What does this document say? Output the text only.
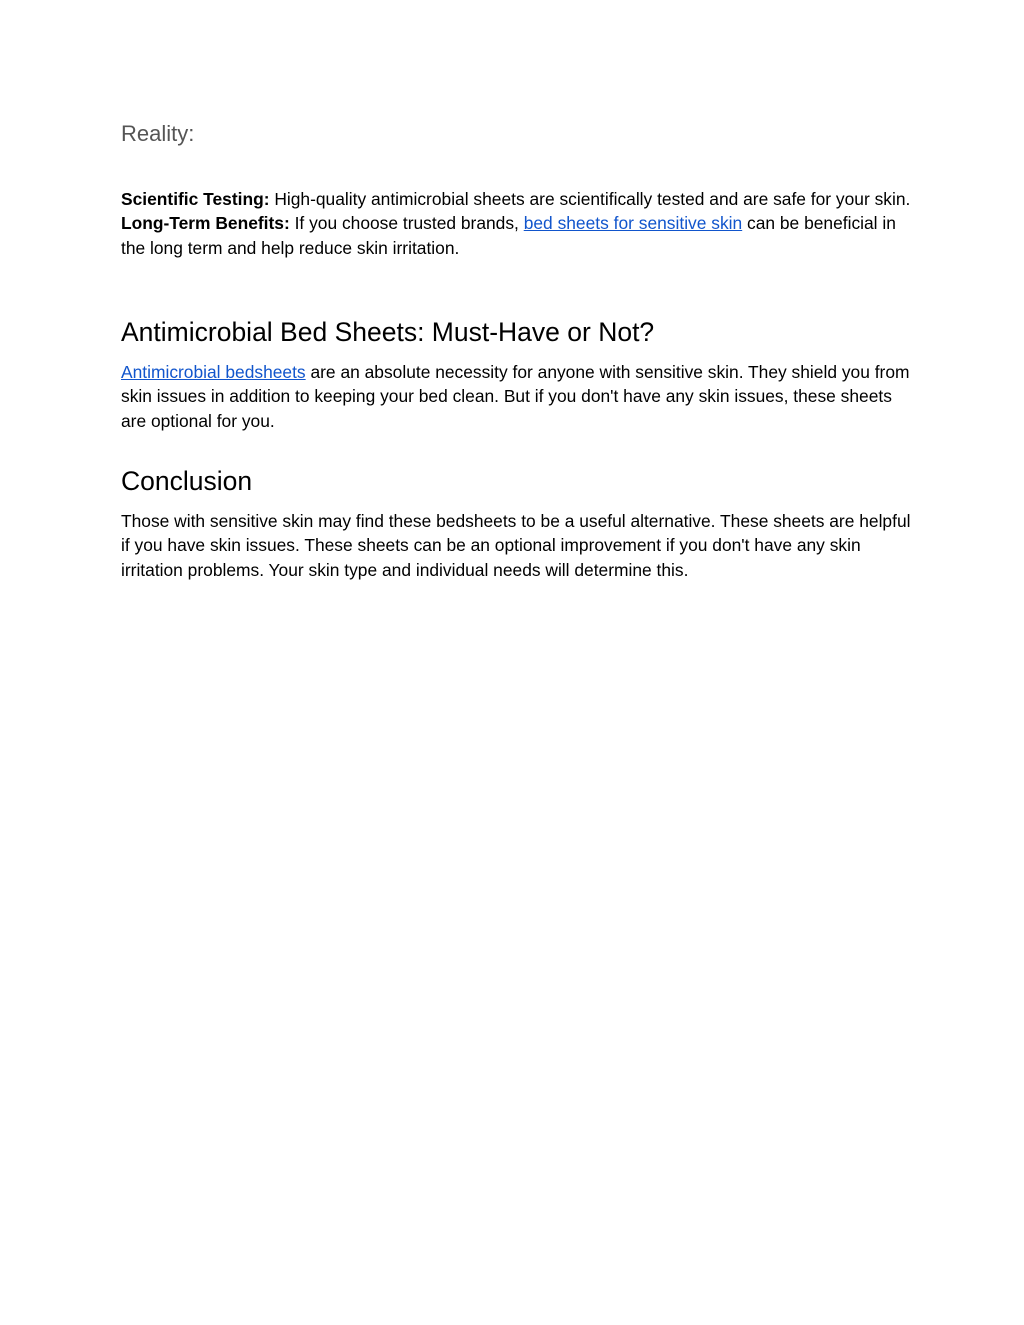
Reality:

Scientific Testing: High-quality antimicrobial sheets are scientifically tested and are safe for your skin.
Long-Term Benefits: If you choose trusted brands, bed sheets for sensitive skin can be beneficial in the long term and help reduce skin irritation.

Antimicrobial Bed Sheets: Must-Have or Not?

Antimicrobial bedsheets are an absolute necessity for anyone with sensitive skin. They shield you from skin issues in addition to keeping your bed clean. But if you don't have any skin issues, these sheets are optional for you.

Conclusion

Those with sensitive skin may find these bedsheets to be a useful alternative. These sheets are helpful if you have skin issues. These sheets can be an optional improvement if you don't have any skin irritation problems. Your skin type and individual needs will determine this.
